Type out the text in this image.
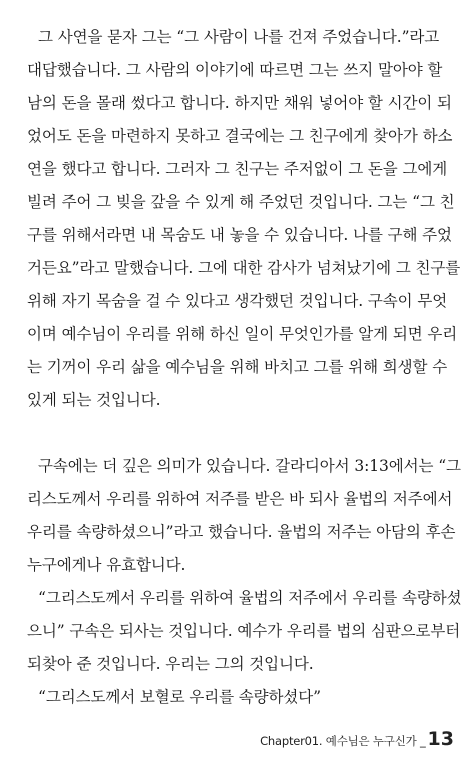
그 사연을 묻자 그는 “그 사람이 나를 건져 주었습니다.”라고
대답했습니다. 그 사람의 이야기에 따르면 그는 쓰지 말아야 할
남의 돈을 몰래 썼다고 합니다. 하지만 채워 넣어야 할 시간이 되
었어도 돈을 마련하지 못하고 결국에는 그 친구에게 찾아가 하소
연을 했다고 합니다. 그러자 그 친구는 주저없이 그 돈을 그에게
빌려 주어 그 빚을 갚을 수 있게 해 주었던 것입니다. 그는 “그 친
구를 위해서라면 내 목숨도 내 놓을 수 있습니다. 나를 구해 주었
거든요”라고 말했습니다. 그에 대한 감사가 넘쳐났기에 그 친구를
위해 자기 목숨을 걸 수 있다고 생각했던 것입니다. 구속이 무엇
이며 예수님이 우리를 위해 하신 일이 무엇인가를 알게 되면 우리
는 기꺼이 우리 삶을 예수님을 위해 바치고 그를 위해 희생할 수
있게 되는 것입니다.
구속에는 더 깊은 의미가 있습니다. 갈라디아서 3:13에서는 “그
리스도께서 우리를 위하여 저주를 받은 바 되사 율법의 저주에서
우리를 속량하셨으니”라고 했습니다. 율법의 저주는 아담의 후손
누구에게나 유효합니다.
“그리스도께서 우리를 위하여 율법의 저주에서 우리를 속량하셨
으니” 구속은 되사는 것입니다. 예수가 우리를 법의 심판으로부터
되찾아 준 것입니다. 우리는 그의 것입니다.
“그리스도께서 보혈로 우리를 속량하셨다”
Chapter01. 예수님은 누구신가 _ 13
